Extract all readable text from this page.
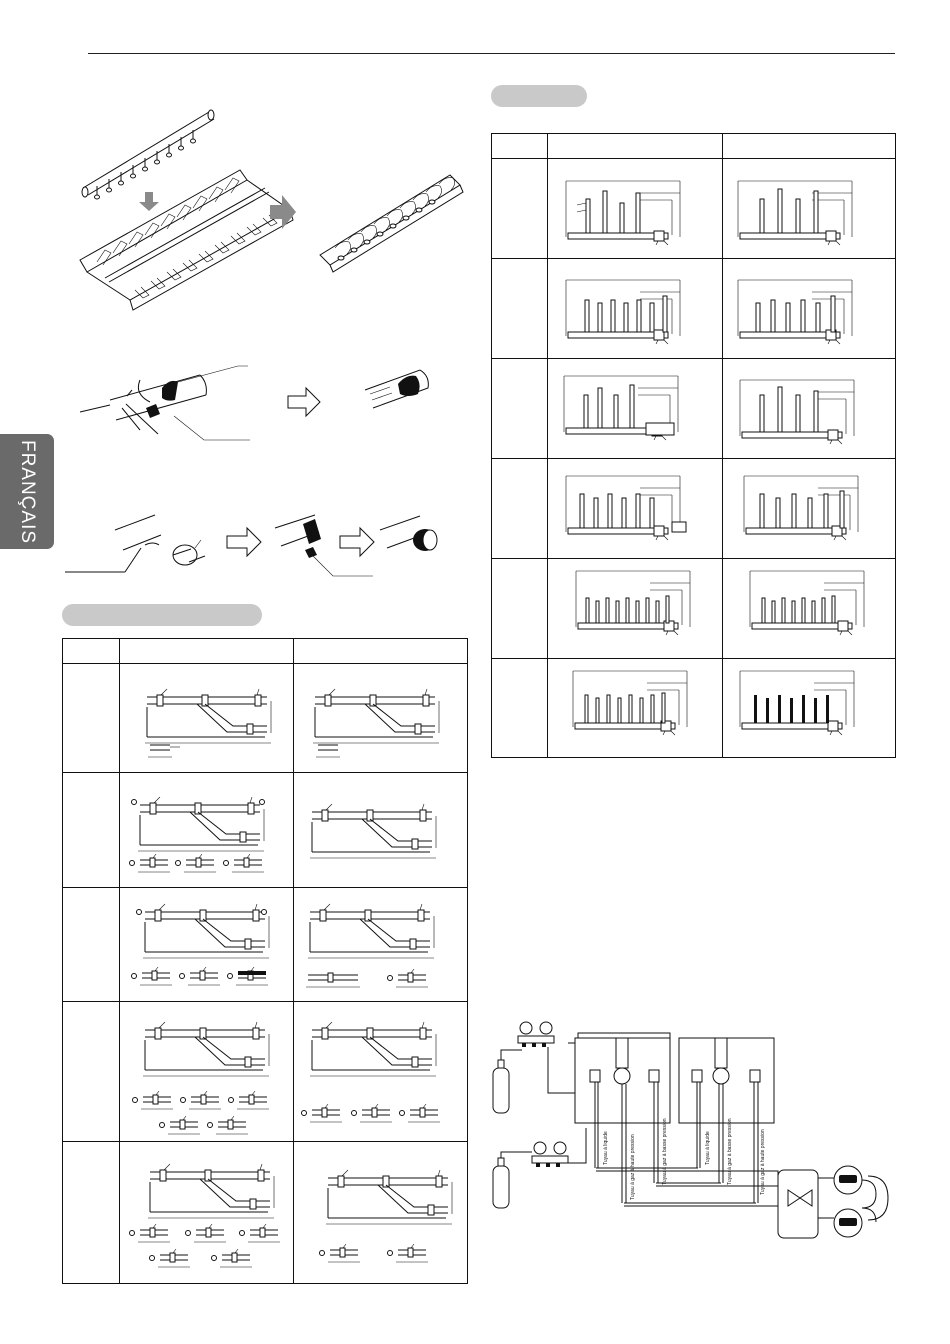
FRANÇAIS
Tuyau à liquide	Tuyau à gaz à haute pression	Tuyau à gaz à basse pression	Tuyau à liquide	Tuyau à gaz à basse pression	Tuyau à gaz à haute pression
